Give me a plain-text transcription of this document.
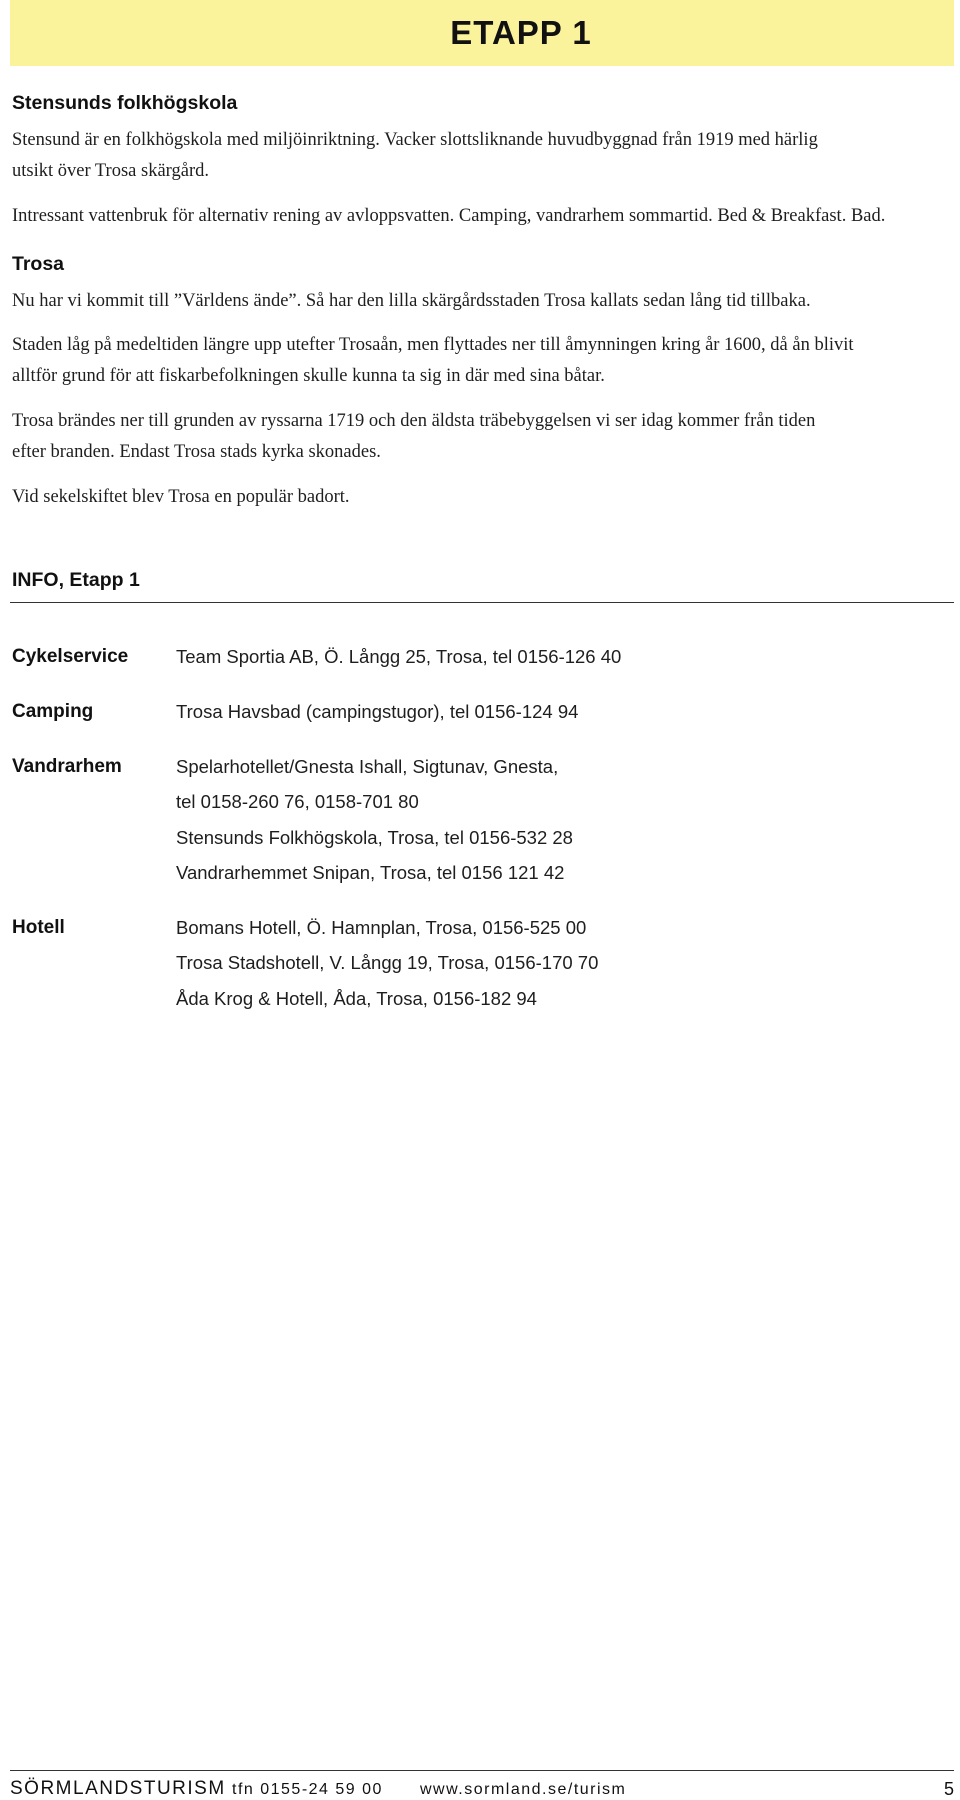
ETAPP 1
Stensunds folkhögskola
Stensund är en folkhögskola med miljöinriktning. Vacker slottsliknande huvudbyggnad från 1919 med härlig
utsikt över Trosa skärgård.
Intressant vattenbruk för alternativ rening av avloppsvatten. Camping, vandrarhem sommartid. Bed & Breakfast. Bad.
Trosa
Nu har vi kommit till ”Världens ände”. Så har den lilla skärgårdsstaden Trosa kallats sedan lång tid tillbaka.
Staden låg på medeltiden längre upp utefter Trosaån, men flyttades ner till åmynningen kring år 1600, då ån blivit
alltför grund för att fiskarbefolkningen skulle kunna ta sig in där med sina båtar.
Trosa brändes ner till grunden av ryssarna 1719 och den äldsta träbebyggelsen vi ser idag kommer från tiden
efter branden. Endast Trosa stads kyrka skonades.
Vid sekelskiftet blev Trosa en populär badort.
INFO, Etapp 1
Cykelservice	Team Sportia AB, Ö. Långg 25, Trosa, tel 0156-126 40
Camping	Trosa Havsbad (campingstugor), tel 0156-124 94
Vandrarhem	Spelarhotellet/Gnesta Ishall, Sigtunav, Gnesta,
tel 0158-260 76, 0158-701 80
Stensunds Folkhögskola, Trosa, tel 0156-532 28
Vandrarhemmet Snipan, Trosa, tel 0156 121 42
Hotell	Bomans Hotell, Ö. Hamnplan, Trosa, 0156-525 00
Trosa Stadshotell, V. Långg 19, Trosa, 0156-170 70
Åda Krog & Hotell, Åda, Trosa, 0156-182 94
SÖRMLANDSTURISM tfn 0155-24 59 00 www.sormland.se/turism	5
